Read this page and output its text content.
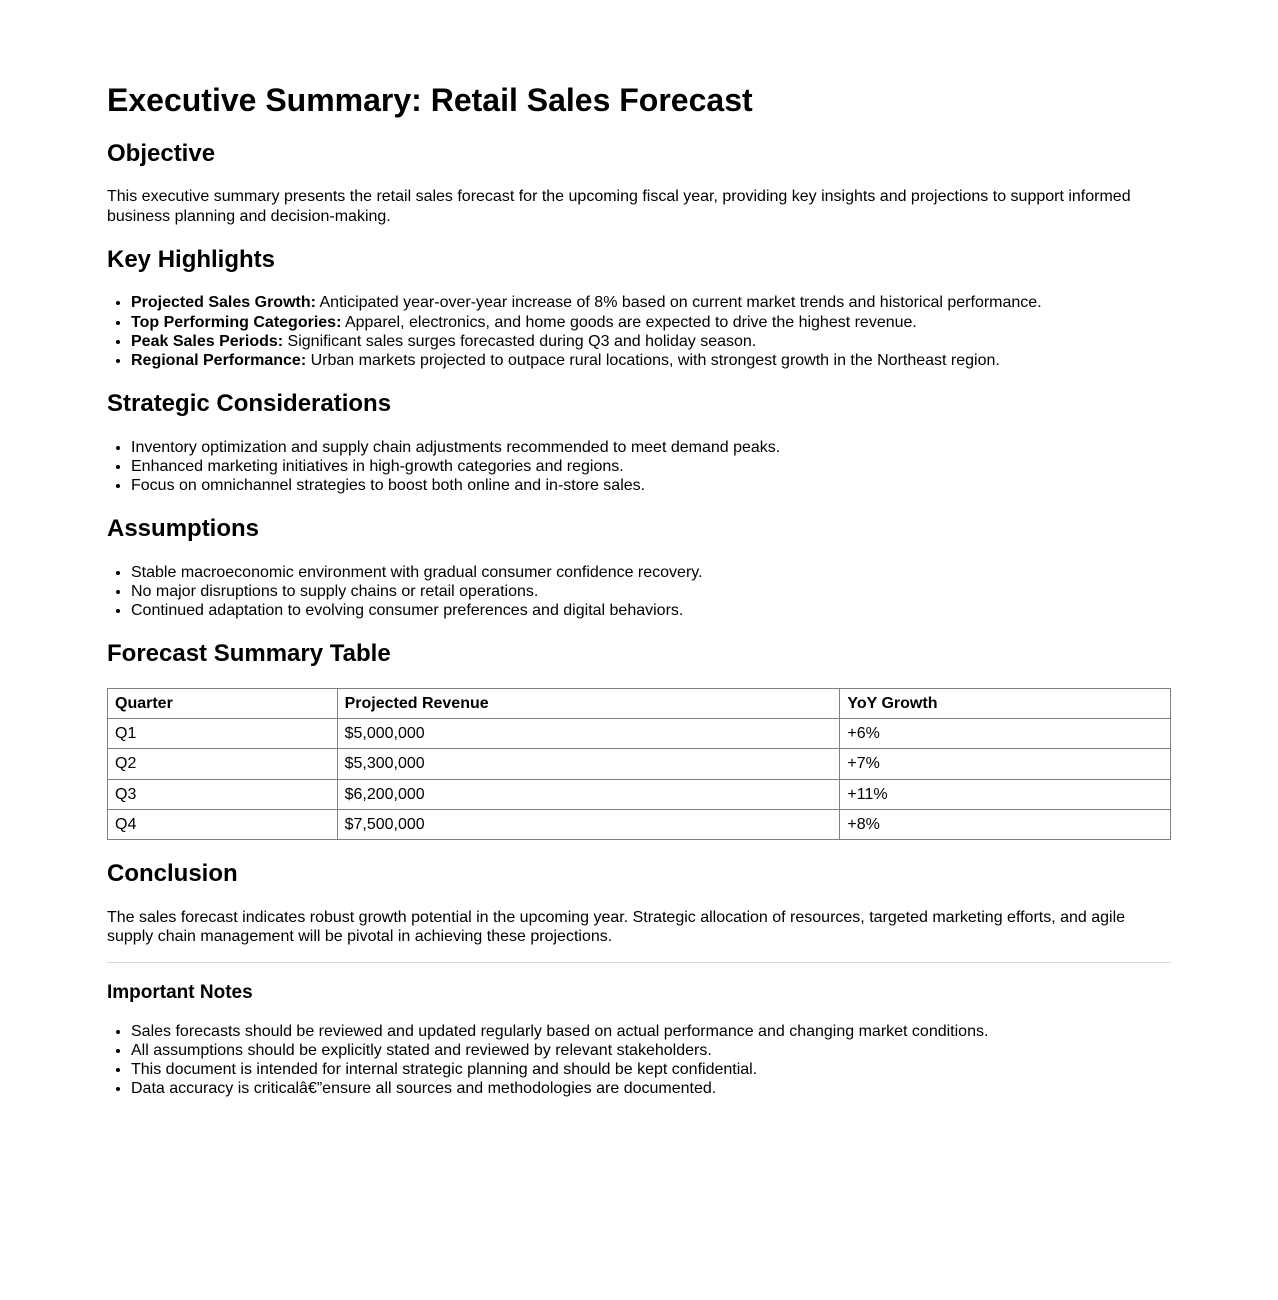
Executive Summary: Retail Sales Forecast
Objective

This executive summary presents the retail sales forecast for the upcoming fiscal year, providing key insights and projections to support informed business planning and decision-making.

Key Highlights
• Projected Sales Growth: Anticipated year-over-year increase of 8% based on current market trends and historical performance.
• Top Performing Categories: Apparel, electronics, and home goods are expected to drive the highest revenue.
• Peak Sales Periods: Significant sales surges forecasted during Q3 and holiday season.
• Regional Performance: Urban markets projected to outpace rural locations, with strongest growth in the Northeast region.
Strategic Considerations
• Inventory optimization and supply chain adjustments recommended to meet demand peaks.
• Enhanced marketing initiatives in high-growth categories and regions.
• Focus on omnichannel strategies to boost both online and in-store sales.
Assumptions
• Stable macroeconomic environment with gradual consumer confidence recovery.
• No major disruptions to supply chains or retail operations.
• Continued adaptation to evolving consumer preferences and digital behaviors.
Forecast Summary Table
Quarter	Projected Revenue	YoY Growth
Q1	$5,000,000	+6%
Q2	$5,300,000	+7%
Q3	$6,200,000	+11%
Q4	$7,500,000	+8%
Conclusion

The sales forecast indicates robust growth potential in the upcoming year. Strategic allocation of resources, targeted marketing efforts, and agile supply chain management will be pivotal in achieving these projections.

Important Notes
• Sales forecasts should be reviewed and updated regularly based on actual performance and changing market conditions.
• All assumptions should be explicitly stated and reviewed by relevant stakeholders.
• This document is intended for internal strategic planning and should be kept confidential.
• Data accuracy is criticalâ€”ensure all sources and methodologies are documented.
